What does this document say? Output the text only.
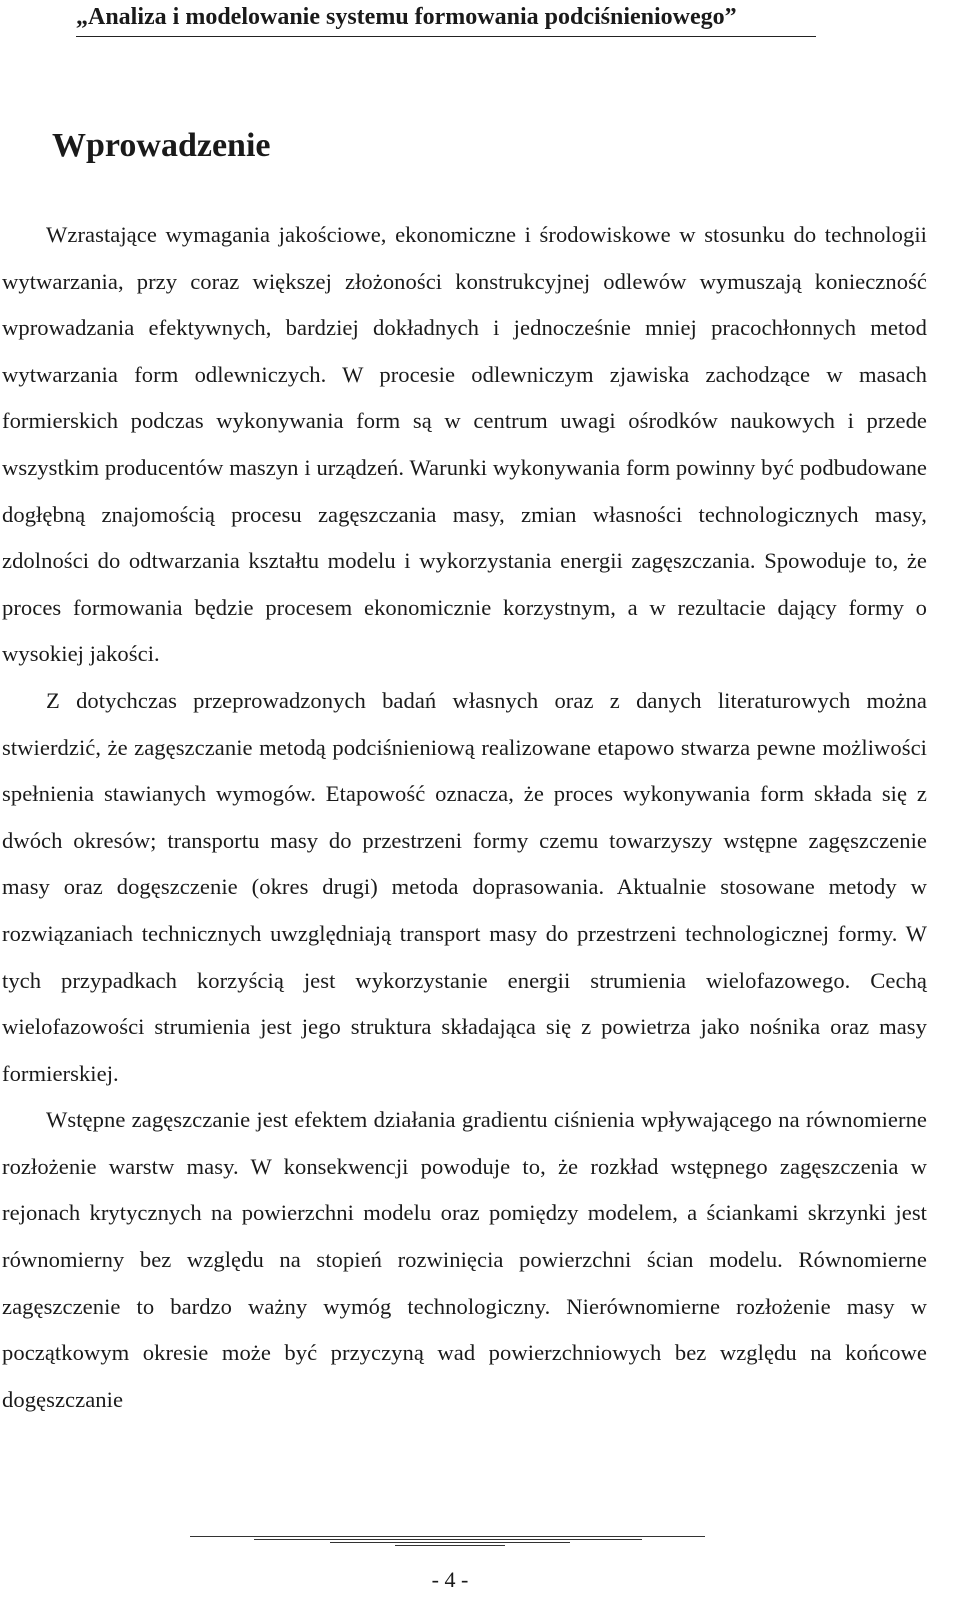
„Analiza i modelowanie systemu formowania podciśnieniowego”
Wprowadzenie

Wzrastające wymagania jakościowe, ekonomiczne i środowiskowe w stosunku do technologii wytwarzania, przy coraz większej złożoności konstrukcyjnej odlewów wymuszają konieczność wprowadzania efektywnych, bardziej dokładnych i jednocześnie mniej pracochłonnych metod wytwarzania form odlewniczych. W procesie odlewniczym zjawiska zachodzące w masach formierskich podczas wykonywania form są w centrum uwagi ośrodków naukowych i przede wszystkim producentów maszyn i urządzeń. Warunki wykonywania form powinny być podbudowane dogłębną znajomością procesu zagęszczania masy, zmian własności technologicznych masy, zdolności do odtwarzania kształtu modelu i wykorzystania energii zagęszczania. Spowoduje to, że proces formowania będzie procesem ekonomicznie korzystnym, a w rezultacie dający formy o wysokiej jakości.

Z dotychczas przeprowadzonych badań własnych oraz z danych literaturowych można stwierdzić, że zagęszczanie metodą podciśnieniową realizowane etapowo stwarza pewne możliwości spełnienia stawianych wymogów. Etapowość oznacza, że proces wykonywania form składa się z dwóch okresów; transportu masy do przestrzeni formy czemu towarzyszy wstępne zagęszczenie masy oraz dogęszczenie (okres drugi) metoda doprasowania. Aktualnie stosowane metody w rozwiązaniach technicznych uwzględniają transport masy do przestrzeni technologicznej formy. W tych przypadkach korzyścią jest wykorzystanie energii strumienia wielofazowego. Cechą wielofazowości strumienia jest jego struktura składająca się z powietrza jako nośnika oraz masy formierskiej.

Wstępne zagęszczanie jest efektem działania gradientu ciśnienia wpływającego na równomierne rozłożenie warstw masy. W konsekwencji powoduje to, że rozkład wstępnego zagęszczenia w rejonach krytycznych na powierzchni modelu oraz pomiędzy modelem, a ściankami skrzynki jest równomierny bez względu na stopień rozwinięcia powierzchni ścian modelu. Równomierne zagęszczenie to bardzo ważny wymóg technologiczny. Nierównomierne rozłożenie masy w początkowym okresie może być przyczyną wad powierzchniowych bez względu na końcowe dogęszczanie

- 4 -
